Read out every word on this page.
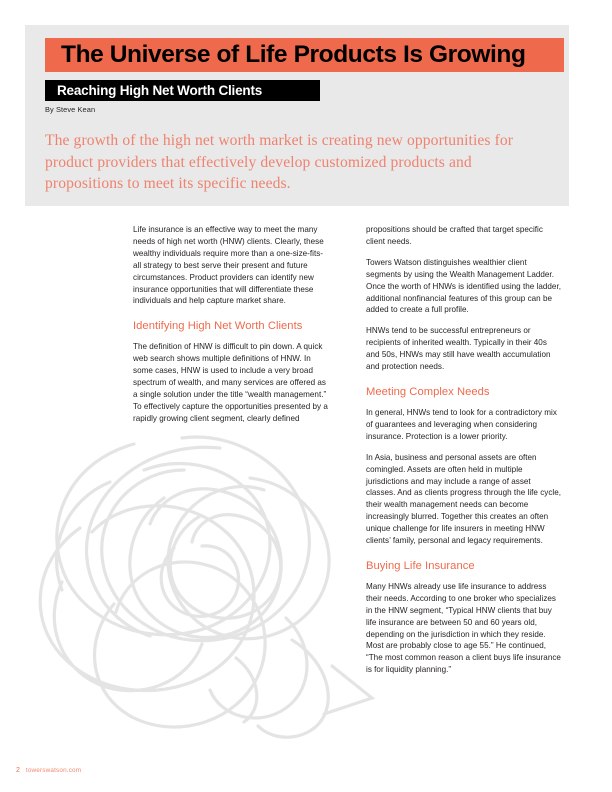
The Universe of Life Products Is Growing
Reaching High Net Worth Clients
By Steve Kean
The growth of the high net worth market is creating new opportunities for product providers that effectively develop customized products and propositions to meet its specific needs.

Life insurance is an effective way to meet the many needs of high net worth (HNW) clients. Clearly, these wealthy individuals require more than a one-size-fits-all strategy to best serve their present and future circumstances. Product providers can identify new insurance opportunities that will differentiate these individuals and help capture market share.

Identifying High Net Worth Clients

The definition of HNW is difficult to pin down. A quick web search shows multiple definitions of HNW. In some cases, HNW is used to include a very broad spectrum of wealth, and many services are offered as a single solution under the title “wealth management.” To effectively capture the opportunities presented by a rapidly growing client segment, clearly defined

propositions should be crafted that target specific client needs.

Towers Watson distinguishes wealthier client segments by using the Wealth Management Ladder. Once the worth of HNWs is identified using the ladder, additional nonfinancial features of this group can be added to create a full profile.

HNWs tend to be successful entrepreneurs or recipients of inherited wealth. Typically in their 40s and 50s, HNWs may still have wealth accumulation and protection needs.

Meeting Complex Needs

In general, HNWs tend to look for a contradictory mix of guarantees and leveraging when considering insurance. Protection is a lower priority.

In Asia, business and personal assets are often comingled. Assets are often held in multiple jurisdictions and may include a range of asset classes. And as clients progress through the life cycle, their wealth management needs can become increasingly blurred. Together this creates an often unique challenge for life insurers in meeting HNW clients’ family, personal and legacy requirements.

Buying Life Insurance

Many HNWs already use life insurance to address their needs. According to one broker who specializes in the HNW segment, “Typical HNW clients that buy life insurance are between 50 and 60 years old, depending on the jurisdiction in which they reside. Most are probably close to age 55.” He continued, “The most common reason a client buys life insurance is for liquidity planning.”

2 towerswatson.com
